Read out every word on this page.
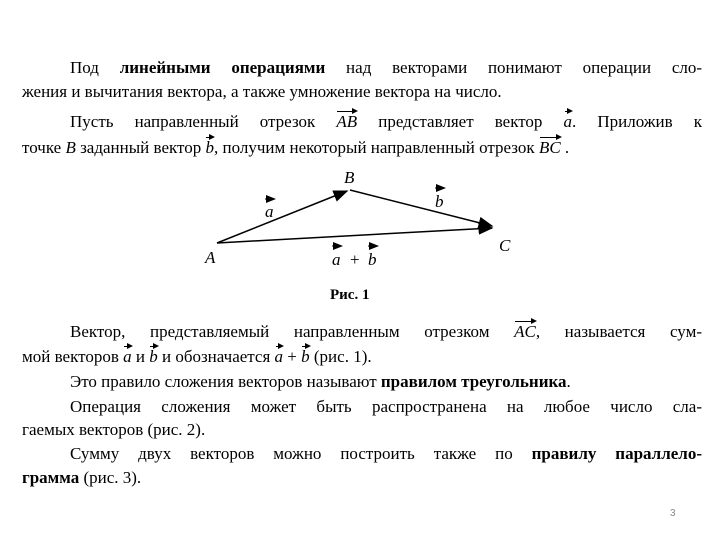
Под линейными операциями над векторами понимают операции сло-
жения и вычитания вектора, а также умножение вектора на число.
Пусть направленный отрезок AB представляет вектор a. Приложив к
точке B заданный вектор b, получим некоторый направленный отрезок BC .
B
A
C
a
b
a + b
Рис. 1
Вектор, представляемый направленным отрезком AC, называется сум-
мой векторов a и b и обозначается a + b (рис. 1).
Это правило сложения векторов называют правилом треугольника.
Операция сложения может быть распространена на любое число сла-
гаемых векторов (рис. 2).
Сумму двух векторов можно построить также по правилу параллело-
грамма (рис. 3).
3
